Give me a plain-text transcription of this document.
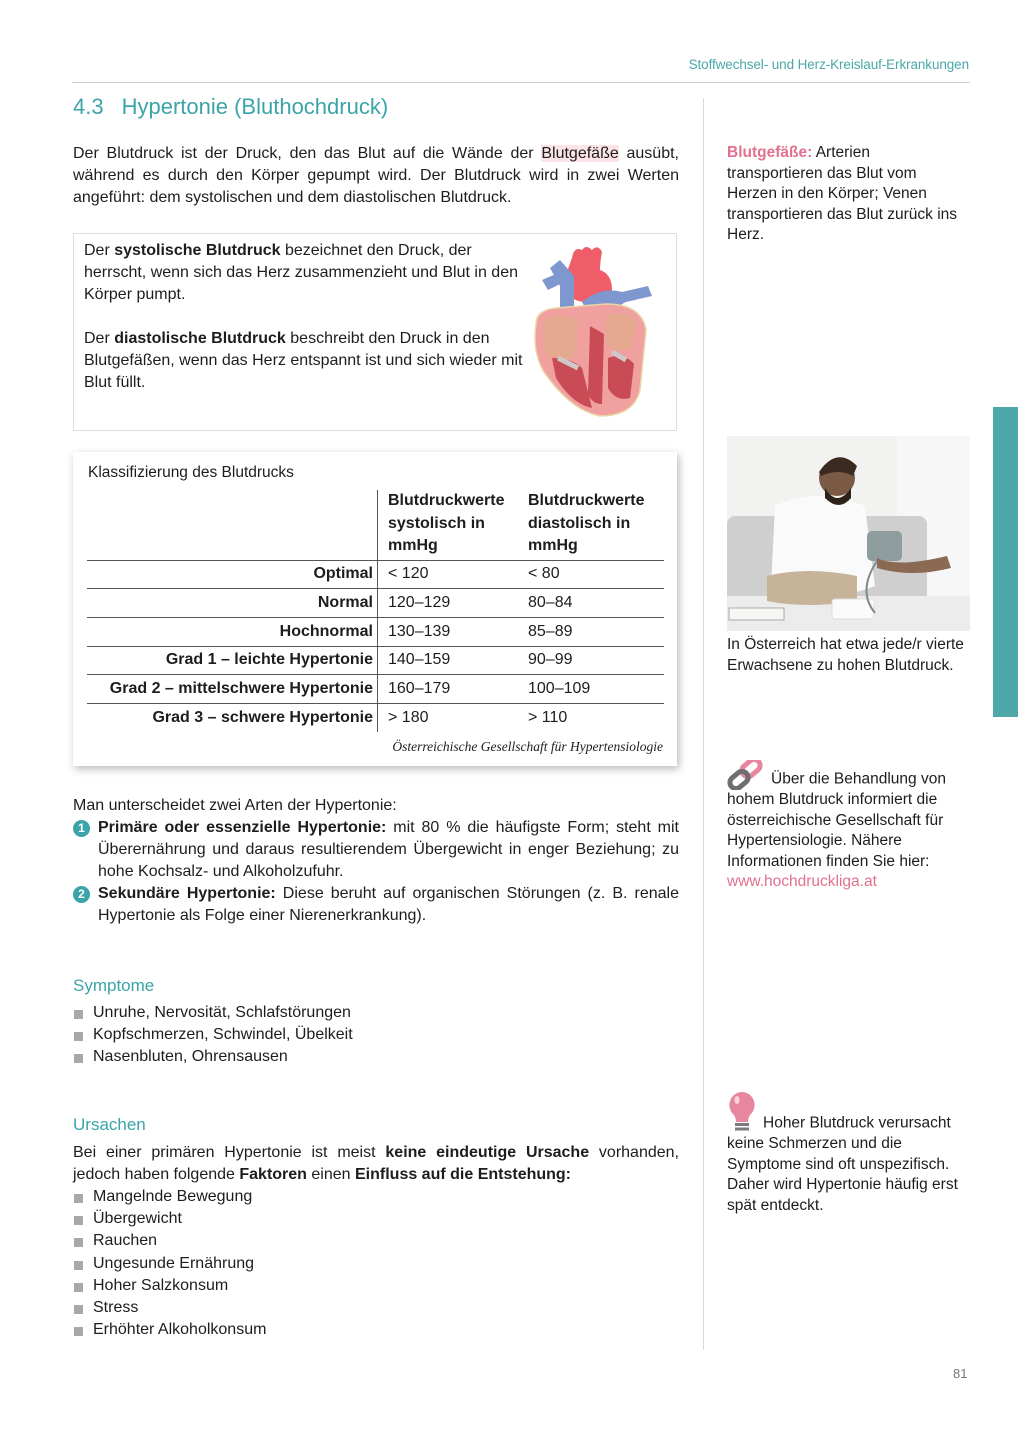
Stoffwechsel- und Herz-Kreislauf-Erkrankungen
4.3 Hypertonie (Bluthochdruck)

Der Blutdruck ist der Druck, den das Blut auf die Wände der Blutgefäße ausübt, während es durch den Körper gepumpt wird. Der Blutdruck wird in zwei Werten angeführt: dem systolischen und dem diastolischen Blutdruck.

Der systolische Blutdruck bezeichnet den Druck, der herrscht, wenn sich das Herz zusammenzieht und Blut in den Körper pumpt.

Der diastolische Blutdruck beschreibt den Druck in den Blutgefäßen, wenn das Herz entspannt ist und sich wieder mit Blut füllt.

Klassifizierung des Blutdrucks
	Blutdruckwerte systolisch in mmHg	Blutdruckwerte diastolisch in mmHg
Optimal	< 120	< 80
Normal	120–129	80–84
Hochnormal	130–139	85–89
Grad 1 – leichte Hypertonie	140–159	90–99
Grad 2 – mittelschwere Hypertonie	160–179	100–109
Grad 3 – schwere Hypertonie	> 180	> 110
Österreichische Gesellschaft für Hypertensiologie

Man unterscheidet zwei Arten der Hypertonie:

1 Primäre oder essenzielle Hypertonie: mit 80 % die häufigste Form; steht mit Überernährung und daraus resultierendem Übergewicht in enger Beziehung; zu hohe Kochsalz- und Alkoholzufuhr.
2 Sekundäre Hypertonie: Diese beruht auf organischen Störungen (z. B. renale Hypertonie als Folge einer Nierenerkrankung).
Symptome
Unruhe, Nervosität, Schlafstörungen
Kopfschmerzen, Schwindel, Übelkeit
Nasenbluten, Ohrensausen
Ursachen

Bei einer primären Hypertonie ist meist keine eindeutige Ursache vorhanden, jedoch haben folgende Faktoren einen Einfluss auf die Entstehung:

Mangelnde Bewegung
Übergewicht
Rauchen
Ungesunde Ernährung
Hoher Salzkonsum
Stress
Erhöhter Alkoholkonsum
Blutgefäße: Arterien transportieren das Blut vom Herzen in den Körper; Venen transportieren das Blut zurück ins Herz.
In Österreich hat etwa jede/r vierte Erwachsene zu hohen Blutdruck.
Über die Behandlung von hohem Blutdruck informiert die österreichische Gesellschaft für Hypertensiologie. Nähere Informationen finden Sie hier: www.hochdruckliga.at
Hoher Blutdruck verursacht keine Schmerzen und die Symptome sind oft unspezifisch. Daher wird Hypertonie häufig erst spät entdeckt.
81
